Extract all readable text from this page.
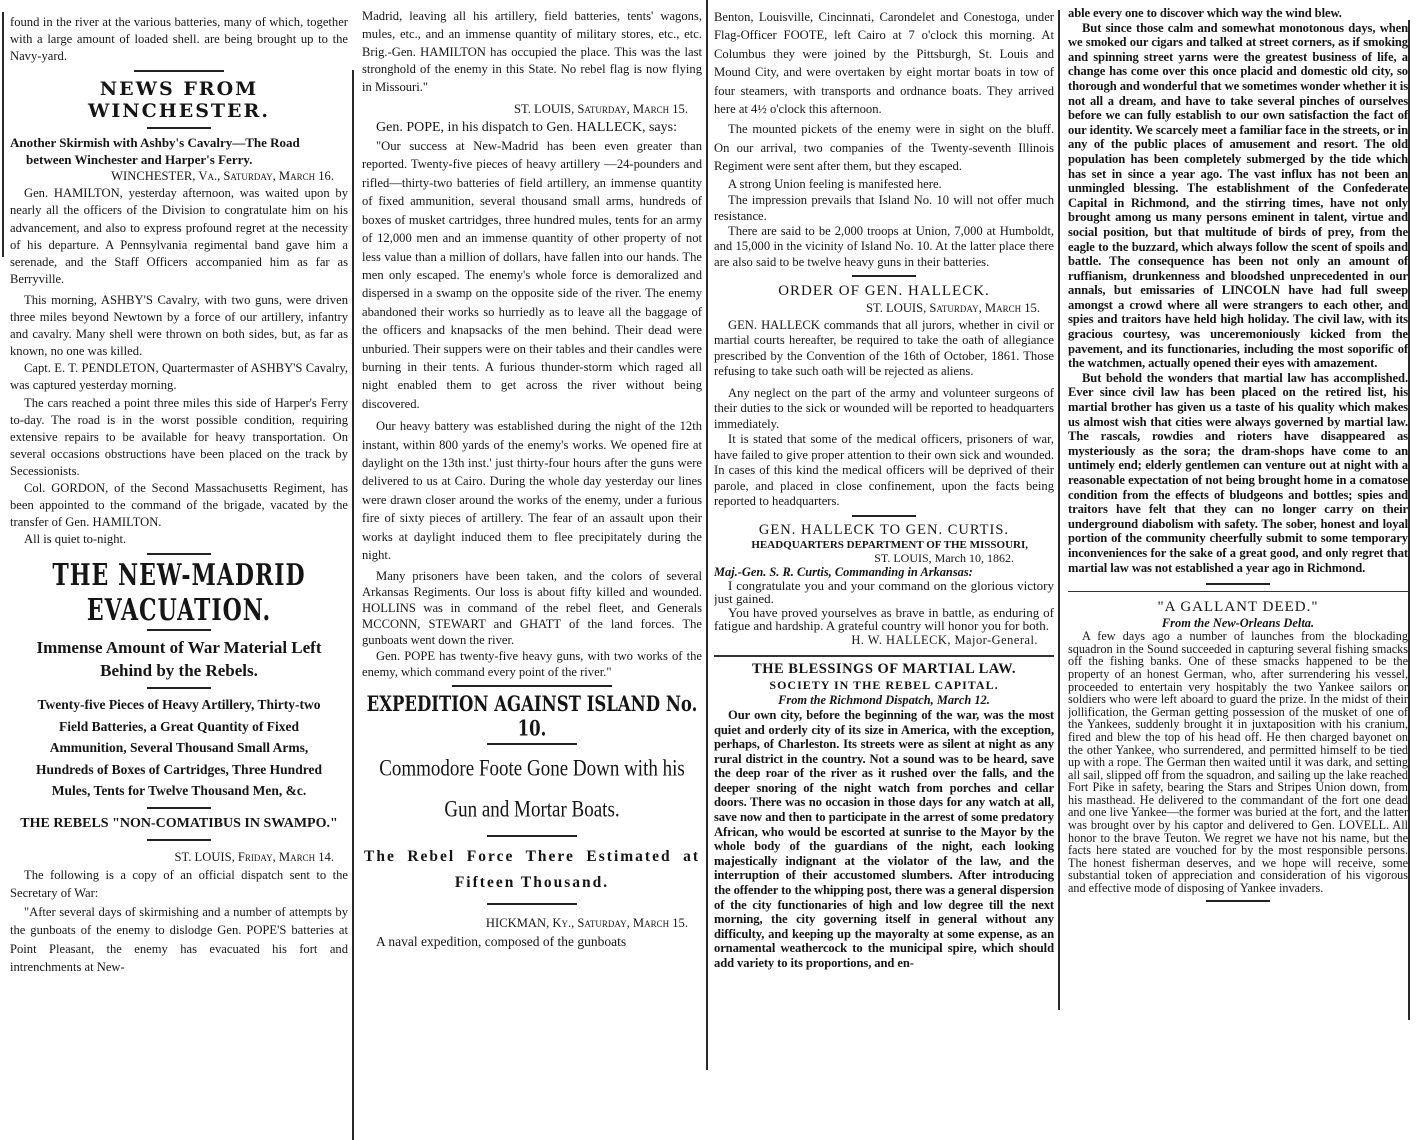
found in the river at the various batteries, many of which, together with a large amount of loaded shell. are being brought up to the Navy-yard.

NEWS FROM WINCHESTER.
Another Skirmish with Ashby's Cavalry—The Road between Winchester and Harper's Ferry.
WINCHESTER, Va., Saturday, March 16.

Gen. HAMILTON, yesterday afternoon, was waited upon by nearly all the officers of the Division to congratulate him on his advancement, and also to express profound regret at the necessity of his departure. A Pennsylvania regimental band gave him a serenade, and the Staff Officers accompanied him as far as Berryville.

This morning, ASHBY'S Cavalry, with two guns, were driven three miles beyond Newtown by a force of our artillery, infantry and cavalry. Many shell were thrown on both sides, but, as far as known, no one was killed.

Capt. E. T. PENDLETON, Quartermaster of ASHBY'S Cavalry, was captured yesterday morning.

The cars reached a point three miles this side of Harper's Ferry to-day. The road is in the worst possible condition, requiring extensive repairs to be available for heavy transportation. On several occasions obstructions have been placed on the track by Secessionists.

Col. GORDON, of the Second Massachusetts Regiment, has been appointed to the command of the brigade, vacated by the transfer of Gen. HAMILTON.

All is quiet to-night.

THE NEW-MADRID EVACUATION.
Immense Amount of War Material Left Behind by the Rebels.
Twenty-five Pieces of Heavy Artillery, Thirty-two Field Batteries, a Great Quantity of Fixed Ammunition, Several Thousand Small Arms, Hundreds of Boxes of Cartridges, Three Hundred Mules, Tents for Twelve Thousand Men, &c.
THE REBELS "NON-COMATIBUS IN SWAMPO."
ST. LOUIS, Friday, March 14.

The following is a copy of an official dispatch sent to the Secretary of War:

"After several days of skirmishing and a number of attempts by the gunboats of the enemy to dislodge Gen. POPE'S batteries at Point Pleasant, the enemy has evacuated his fort and intrenchments at New-

Madrid, leaving all his artillery, field batteries, tents' wagons, mules, etc., and an immense quantity of military stores, etc., etc. Brig.-Gen. HAMILTON has occupied the place. This was the last stronghold of the enemy in this State. No rebel flag is now flying in Missouri."

ST. LOUIS, Saturday, March 15.

Gen. POPE, in his dispatch to Gen. HALLECK, says:

"Our success at New-Madrid has been even greater than reported. Twenty-five pieces of heavy artillery —24-pounders and rifled—thirty-two batteries of field artillery, an immense quantity of fixed ammunition, several thousand small arms, hundreds of boxes of musket cartridges, three hundred mules, tents for an army of 12,000 men and an immense quantity of other property of not less value than a million of dollars, have fallen into our hands. The men only escaped. The enemy's whole force is demoralized and dispersed in a swamp on the opposite side of the river. The enemy abandoned their works so hurriedly as to leave all the baggage of the officers and knapsacks of the men behind. Their dead were unburied. Their suppers were on their tables and their candles were burning in their tents. A furious thunder-storm which raged all night enabled them to get across the river without being discovered.

Our heavy battery was established during the night of the 12th instant, within 800 yards of the enemy's works. We opened fire at daylight on the 13th inst.' just thirty-four hours after the guns were delivered to us at Cairo. During the whole day yesterday our lines were drawn closer around the works of the enemy, under a furious fire of sixty pieces of artillery. The fear of an assault upon their works at daylight induced them to flee precipitately during the night.

Many prisoners have been taken, and the colors of several Arkansas Regiments. Our loss is about fifty killed and wounded. HOLLINS was in command of the rebel fleet, and Generals MCCONN, STEWART and GHATT of the land forces. The gunboats went down the river.

Gen. POPE has twenty-five heavy guns, with two works of the enemy, which command every point of the river."

EXPEDITION AGAINST ISLAND No. 10.
Commodore Foote Gone Down with his Gun and Mortar Boats.
The Rebel Force There Estimated at Fifteen Thousand.
HICKMAN, Ky., Saturday, March 15.

A naval expedition, composed of the gunboats

Benton, Louisville, Cincinnati, Carondelet and Conestoga, under Flag-Officer FOOTE, left Cairo at 7 o'clock this morning. At Columbus they were joined by the Pittsburgh, St. Louis and Mound City, and were overtaken by eight mortar boats in tow of four steamers, with transports and ordnance boats. They arrived here at 4½ o'clock this afternoon.

The mounted pickets of the enemy were in sight on the bluff. On our arrival, two companies of the Twenty-seventh Illinois Regiment were sent after them, but they escaped.

A strong Union feeling is manifested here.

The impression prevails that Island No. 10 will not offer much resistance.

There are said to be 2,000 troops at Union, 7,000 at Humboldt, and 15,000 in the vicinity of Island No. 10. At the latter place there are also said to be twelve heavy guns in their batteries.

ORDER OF GEN. HALLECK.
ST. LOUIS, Saturday, March 15.

GEN. HALLECK commands that all jurors, whether in civil or martial courts hereafter, be required to take the oath of allegiance prescribed by the Convention of the 16th of October, 1861. Those refusing to take such oath will be rejected as aliens.

Any neglect on the part of the army and volunteer surgeons of their duties to the sick or wounded will be reported to headquarters immediately.

It is stated that some of the medical officers, prisoners of war, have failed to give proper attention to their own sick and wounded. In cases of this kind the medical officers will be deprived of their parole, and placed in close confinement, upon the facts being reported to headquarters.

GEN. HALLECK TO GEN. CURTIS.
HEADQUARTERS DEPARTMENT OF THE MISSOURI,
ST. LOUIS, March 10, 1862.
Maj.-Gen. S. R. Curtis, Commanding in Arkansas:

I congratulate you and your command on the glorious victory just gained.

You have proved yourselves as brave in battle, as enduring of fatigue and hardship. A grateful country will honor you for both.

H. W. HALLECK, Major-General.
THE BLESSINGS OF MARTIAL LAW.
SOCIETY IN THE REBEL CAPITAL.
From the Richmond Dispatch, March 12.

Our own city, before the beginning of the war, was the most quiet and orderly city of its size in America, with the exception, perhaps, of Charleston. Its streets were as silent at night as any rural district in the country. Not a sound was to be heard, save the deep roar of the river as it rushed over the falls, and the deeper snoring of the night watch from porches and cellar doors. There was no occasion in those days for any watch at all, save now and then to participate in the arrest of some predatory African, who would be escorted at sunrise to the Mayor by the whole body of the guardians of the night, each looking majestically indignant at the violator of the law, and the interruption of their accustomed slumbers. After introducing the offender to the whipping post, there was a general dispersion of the city functionaries of high and low degree till the next morning, the city governing itself in general without any difficulty, and keeping up the mayoralty at some expense, as an ornamental weathercock to the municipal spire, which should add variety to its proportions, and en-

able every one to discover which way the wind blew.

But since those calm and somewhat monotonous days, when we smoked our cigars and talked at street corners, as if smoking and spinning street yarns were the greatest business of life, a change has come over this once placid and domestic old city, so thorough and wonderful that we sometimes wonder whether it is not all a dream, and have to take several pinches of ourselves before we can fully establish to our own satisfaction the fact of our identity. We scarcely meet a familiar face in the streets, or in any of the public places of amusement and resort. The old population has been completely submerged by the tide which has set in since a year ago. The vast influx has not been an unmingled blessing. The establishment of the Confederate Capital in Richmond, and the stirring times, have not only brought among us many persons eminent in talent, virtue and social position, but that multitude of birds of prey, from the eagle to the buzzard, which always follow the scent of spoils and battle. The consequence has been not only an amount of ruffianism, drunkenness and bloodshed unprecedented in our annals, but emissaries of LINCOLN have had full sweep amongst a crowd where all were strangers to each other, and spies and traitors have held high holiday. The civil law, with its gracious courtesy, was unceremoniously kicked from the pavement, and its functionaries, including the most soporific of the watchmen, actually opened their eyes with amazement.

But behold the wonders that martial law has accomplished. Ever since civil law has been placed on the retired list, his martial brother has given us a taste of his quality which makes us almost wish that cities were always governed by martial law. The rascals, rowdies and rioters have disappeared as mysteriously as the sora; the dram-shops have come to an untimely end; elderly gentlemen can venture out at night with a reasonable expectation of not being brought home in a comatose condition from the effects of bludgeons and bottles; spies and traitors have felt that they can no longer carry on their underground diabolism with safety. The sober, honest and loyal portion of the community cheerfully submit to some temporary inconveniences for the sake of a great good, and only regret that martial law was not established a year ago in Richmond.

"A GALLANT DEED."
From the New-Orleans Delta.

A few days ago a number of launches from the blockading squadron in the Sound succeeded in capturing several fishing smacks off the fishing banks. One of these smacks happened to be the property of an honest German, who, after surrendering his vessel, proceeded to entertain very hospitably the two Yankee sailors or soldiers who were left aboard to guard the prize. In the midst of their jollification, the German getting possession of the musket of one of the Yankees, suddenly brought it in juxtaposition with his cranium, fired and blew the top of his head off. He then charged bayonet on the other Yankee, who surrendered, and permitted himself to be tied up with a rope. The German then waited until it was dark, and setting all sail, slipped off from the squadron, and sailing up the lake reached Fort Pike in safety, bearing the Stars and Stripes Union down, from his masthead. He delivered to the commandant of the fort one dead and one live Yankee—the former was buried at the fort, and the latter was brought over by his captor and delivered to Gen. LOVELL. All honor to the brave Teuton. We regret we have not his name, but the facts here stated are vouched for by the most responsible persons. The honest fisherman deserves, and we hope will receive, some substantial token of appreciation and consideration of his vigorous and effective mode of disposing of Yankee invaders.
